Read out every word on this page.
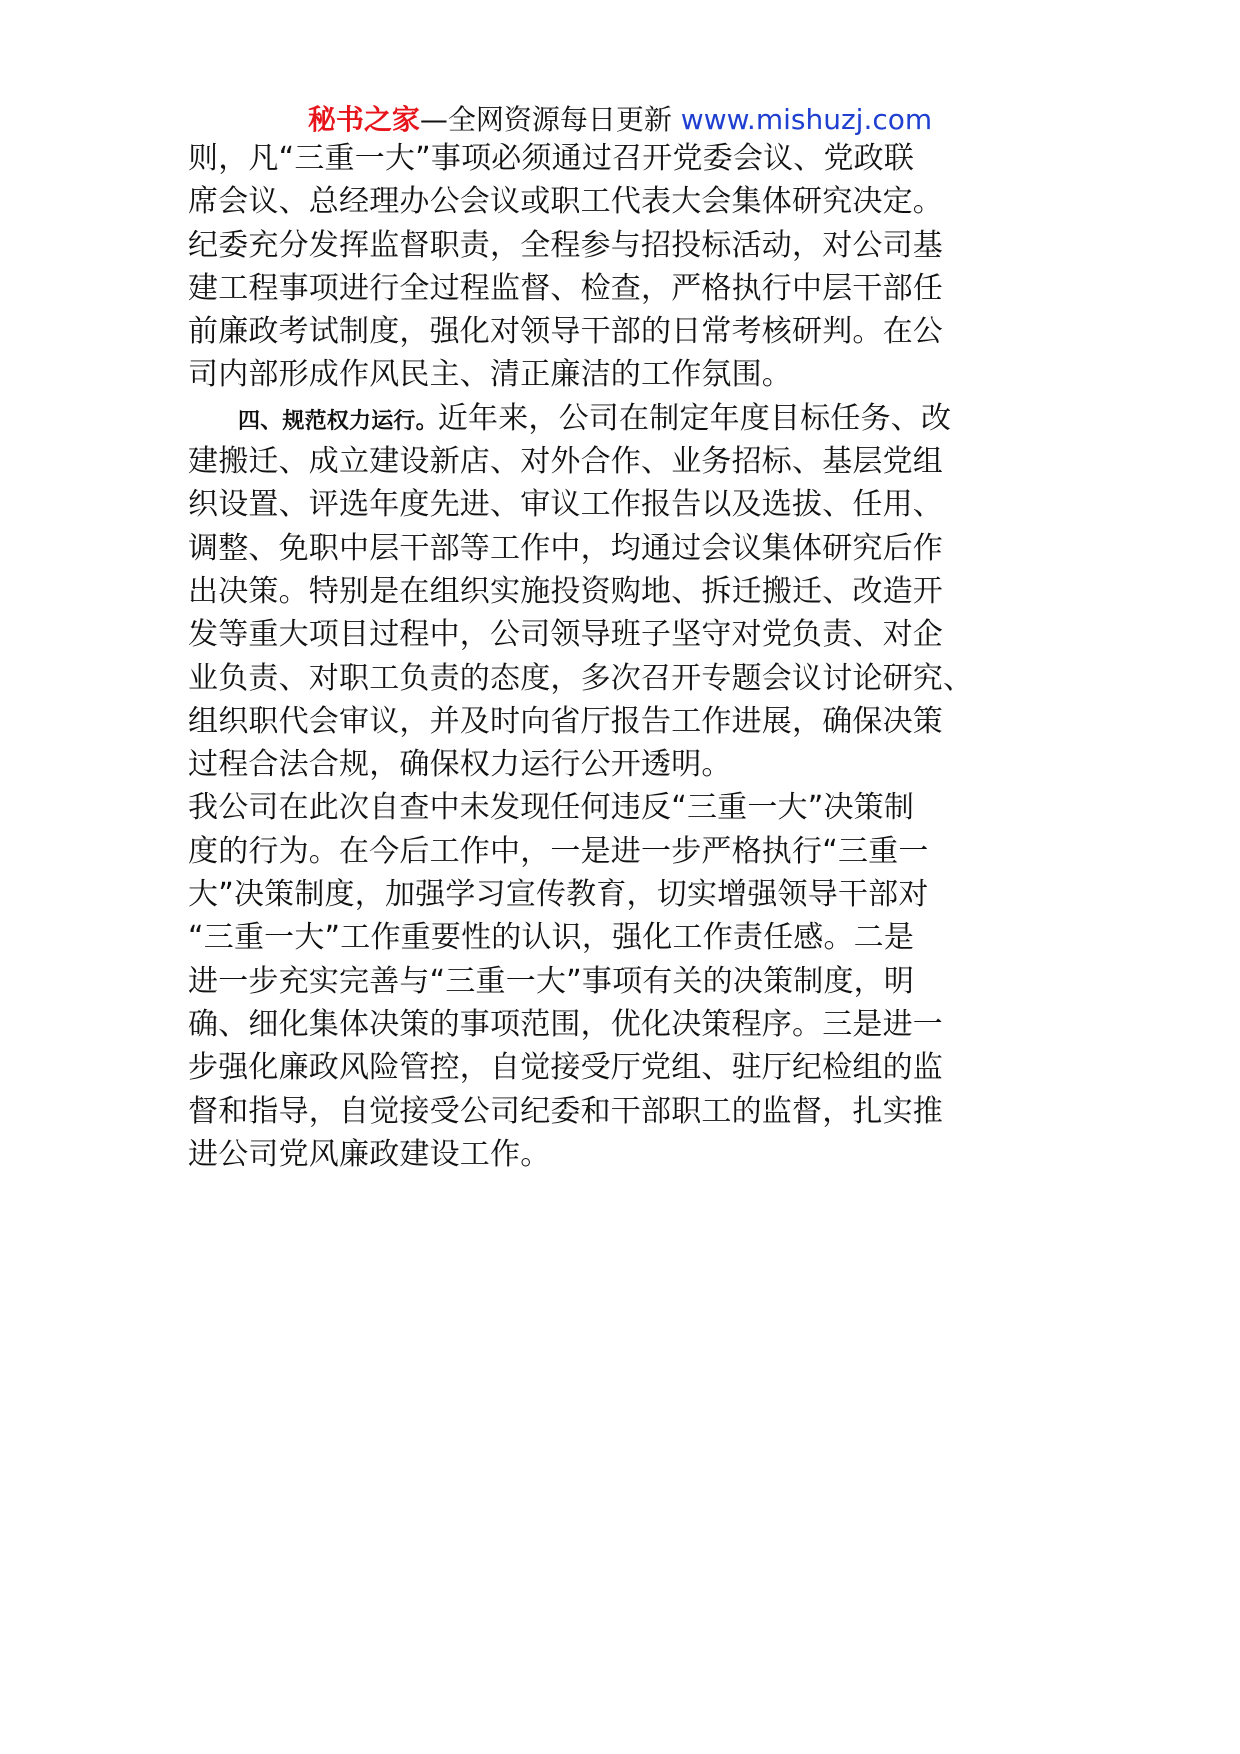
秘书之家—全网资源每日更新 www.mishuzj.com
则，凡“三重一大”事项必须通过召开党委会议、党政联
席会议、总经理办公会议或职工代表大会集体研究决定。
纪委充分发挥监督职责，全程参与招投标活动，对公司基
建工程事项进行全过程监督、检查，严格执行中层干部任
前廉政考试制度，强化对领导干部的日常考核研判。在公
司内部形成作风民主、清正廉洁的工作氛围。
四、规范权力运行。近年来，公司在制定年度目标任务、改
建搬迁、成立建设新店、对外合作、业务招标、基层党组
织设置、评选年度先进、审议工作报告以及选拔、任用、
调整、免职中层干部等工作中，均通过会议集体研究后作
出决策。特别是在组织实施投资购地、拆迁搬迁、改造开
发等重大项目过程中，公司领导班子坚守对党负责、对企
业负责、对职工负责的态度，多次召开专题会议讨论研究、
组织职代会审议，并及时向省厅报告工作进展，确保决策
过程合法合规，确保权力运行公开透明。
我公司在此次自查中未发现任何违反“三重一大”决策制
度的行为。在今后工作中，一是进一步严格执行“三重一
大”决策制度，加强学习宣传教育，切实增强领导干部对
“三重一大”工作重要性的认识，强化工作责任感。二是
进一步充实完善与“三重一大”事项有关的决策制度，明
确、细化集体决策的事项范围，优化决策程序。三是进一
步强化廉政风险管控，自觉接受厅党组、驻厅纪检组的监
督和指导，自觉接受公司纪委和干部职工的监督，扎实推
进公司党风廉政建设工作。
